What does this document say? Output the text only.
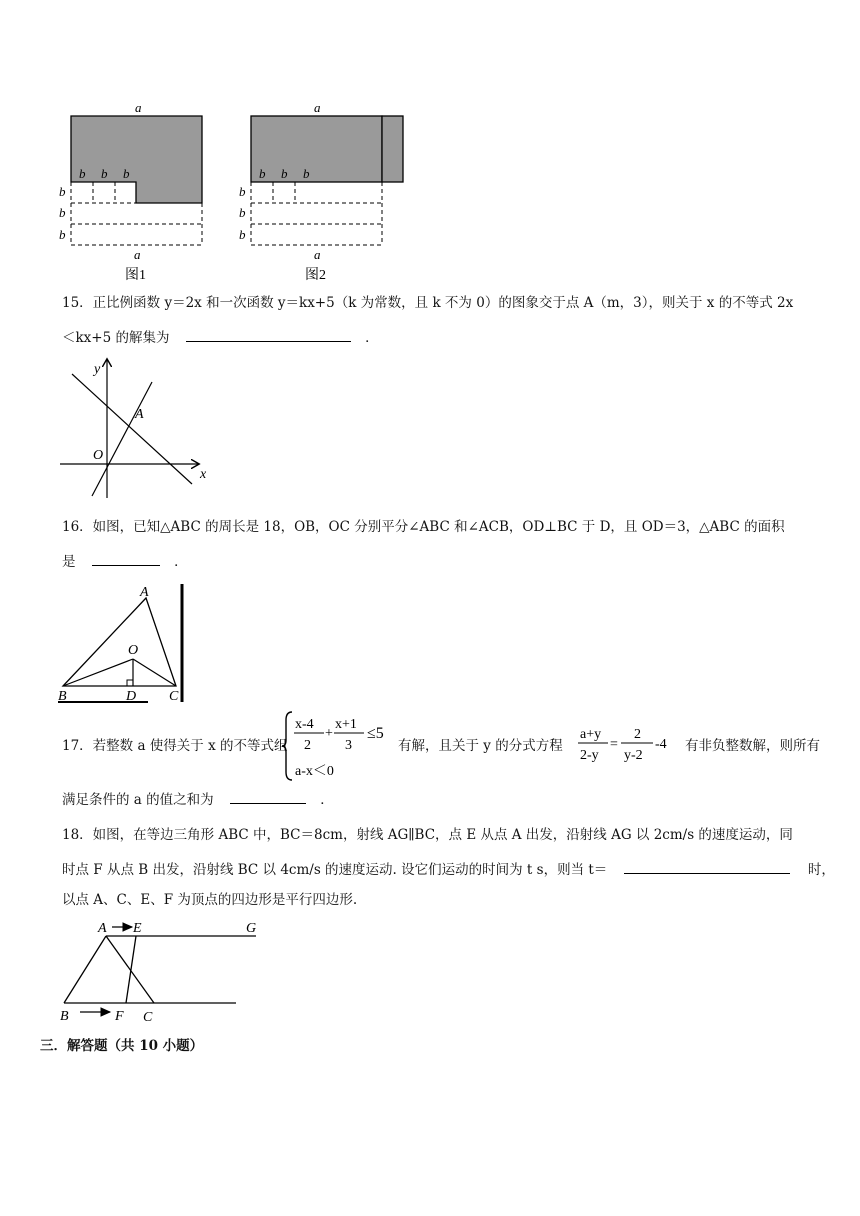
a
b b b
b
b
b
a
图1
a
b b b
b
b
b
a
图2
15．正比例函数 y＝2x 和一次函数 y＝kx+5（k 为常数，且 k 不为 0）的图象交于点 A（m，3），则关于 x 的不等式 2x
＜kx+5 的解集为	．
y
x
A
O
16．如图，已知△ABC 的周长是 18，OB，OC 分别平分∠ABC 和∠ACB，OD⊥BC 于 D，且 OD＝3，△ABC 的面积
是	．
A
O
B	D C
17．若整数 a 使得关于 x 的不等式组
x-4
2
+
x+1
3
≤5
a-x＜0
有解，且关于 y 的分式方程
a+y
2-y
=
2
y-2
-4 有非负整数解，则所有
满足条件的 a 的值之和为	．
18．如图，在等边三角形 ABC 中，BC＝8cm，射线 AG∥BC，点 E 从点 A 出发，沿射线 AG 以 2cm/s 的速度运动，同
时点 F 从点 B 出发，沿射线 BC 以 4cm/s 的速度运动. 设它们运动的时间为 t s，则当 t＝	时，
以点 A、C、E、F 为顶点的四边形是平行四边形.
A E	G
B	F C
三．解答题（共 10 小题）
